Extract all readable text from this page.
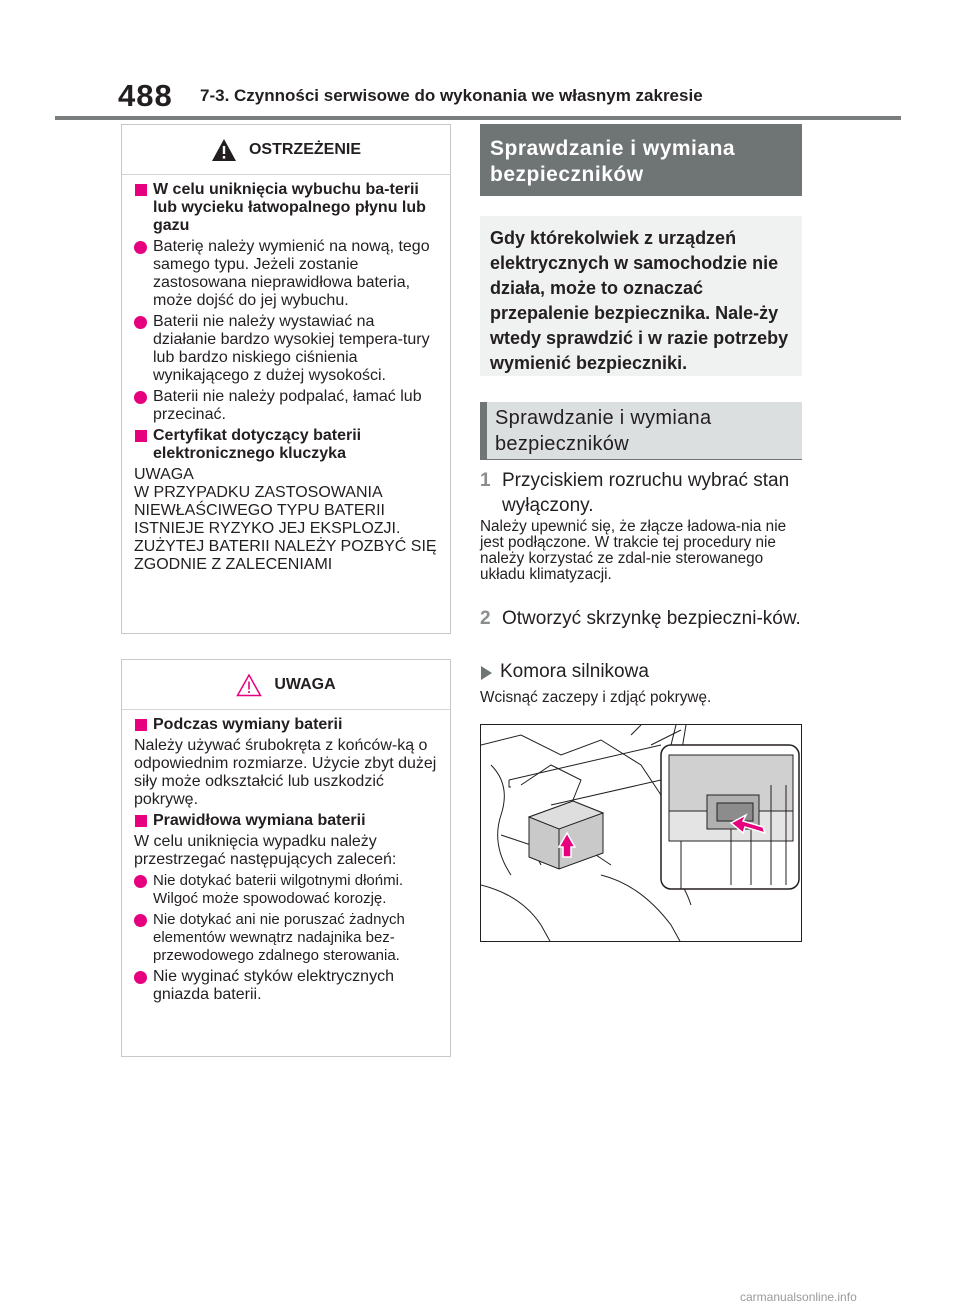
488 7-3. Czynności serwisowe do wykonania we własnym zakresie
OSTRZEŻENIE
W celu uniknięcia wybuchu ba-terii lub wycieku łatwopalnego płynu lub gazu
Baterię należy wymienić na nową, tego samego typu. Jeżeli zostanie zastosowana nieprawidłowa bateria, może dojść do jej wybuchu.
Baterii nie należy wystawiać na działanie bardzo wysokiej tempera-tury lub bardzo niskiego ciśnienia wynikającego z dużej wysokości.
Baterii nie należy podpalać, łamać lub przecinać.
Certyfikat dotyczący baterii elektronicznego kluczyka
UWAGA
W PRZYPADKU ZASTOSOWANIA NIEWŁAŚCIWEGO TYPU BATERII ISTNIEJE RYZYKO JEJ EKSPLOZJI. ZUŻYTEJ BATERII NALEŻY POZBYĆ SIĘ ZGODNIE Z ZALECENIAMI
UWAGA
Podczas wymiany baterii
Należy używać śrubokręta z końców-ką o odpowiednim rozmiarze. Użycie zbyt dużej siły może odkształcić lub uszkodzić pokrywę.
Prawidłowa wymiana baterii
W celu uniknięcia wypadku należy przestrzegać następujących zaleceń:
Nie dotykać baterii wilgotnymi dłońmi. Wilgoć może spowodować korozję.
Nie dotykać ani nie poruszać żadnych elementów wewnątrz nadajnika bez-przewodowego zdalnego sterowania.
Nie wyginać styków elektrycznych gniazda baterii.
Sprawdzanie i wymiana bezpieczników
Gdy którekolwiek z urządzeń elektrycznych w samochodzie nie działa, może to oznaczać przepalenie bezpiecznika. Nale-ży wtedy sprawdzić i w razie potrzeby wymienić bezpieczniki.
Sprawdzanie i wymiana bezpieczników
1 Przyciskiem rozruchu wybrać stan wyłączony.
Należy upewnić się, że złącze ładowa-nia nie jest podłączone. W trakcie tej procedury nie należy korzystać ze zdal-nie sterowanego układu klimatyzacji.
2 Otworzyć skrzynkę bezpieczni-ków.
Komora silnikowa
Wcisnąć zaczepy i zdjąć pokrywę.
carmanualsonline.info
